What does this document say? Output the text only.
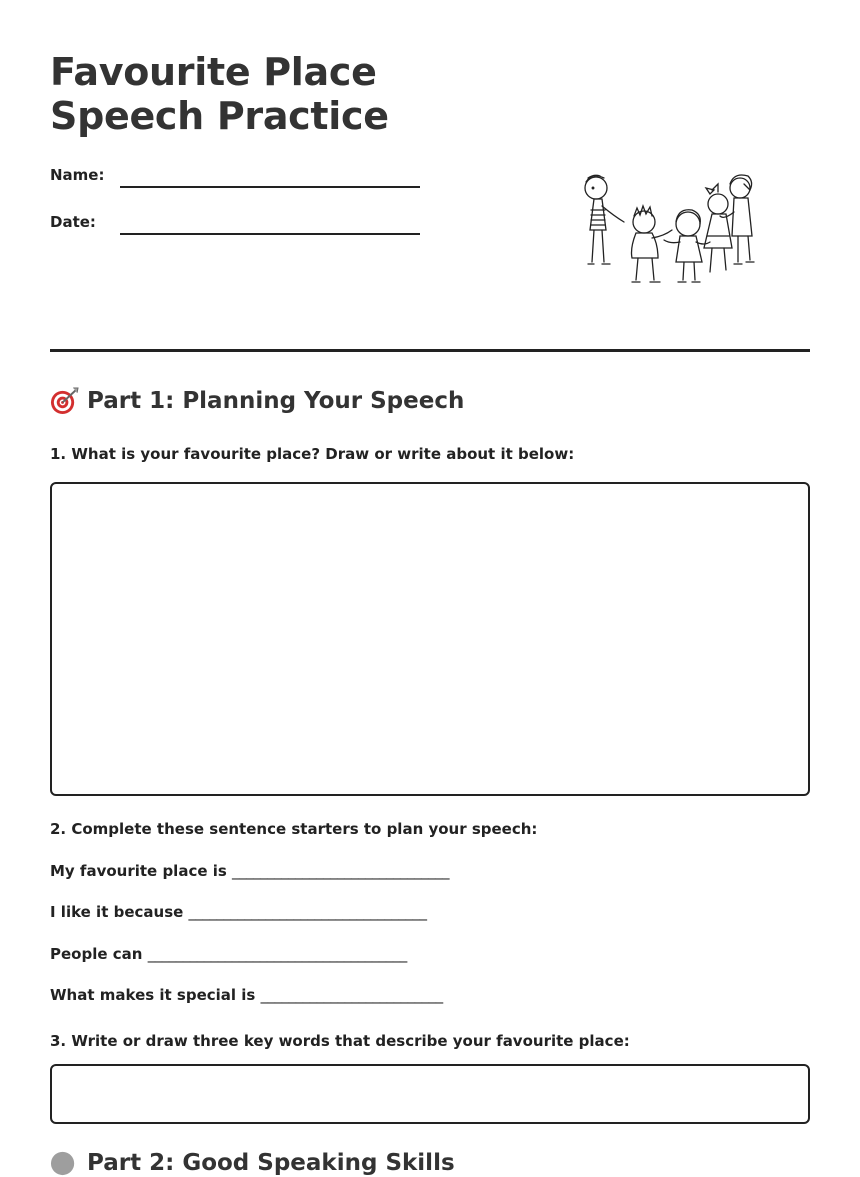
Favourite Place Speech Practice
Name:
Date:
Part 1: Planning Your Speech
1. What is your favourite place? Draw or write about it below:
2. Complete these sentence starters to plan your speech:
My favourite place is _______________________________
I like it because __________________________________
People can _____________________________________
What makes it special is __________________________
3. Write or draw three key words that describe your favourite place:
Part 2: Good Speaking Skills
